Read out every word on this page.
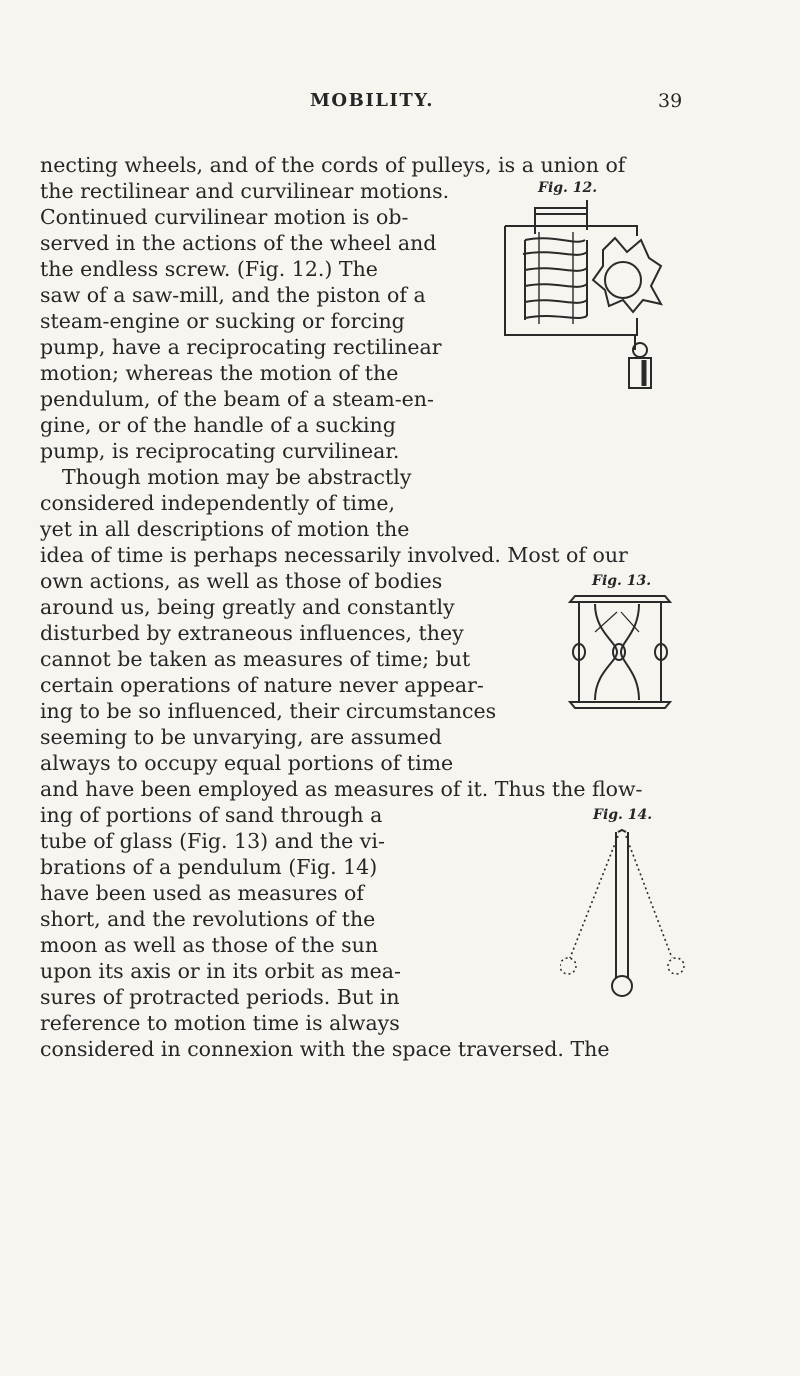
MOBILITY.	39
necting wheels, and of the cords of pulleys, is a union of
the rectilinear and curvilinear motions.
Continued curvilinear motion is ob-
served in the actions of the wheel and
the endless screw. (Fig. 12.) The
saw of a saw-mill, and the piston of a
steam-engine or sucking or forcing
pump, have a reciprocating rectilinear
motion; whereas the motion of the
pendulum, of the beam of a steam-en-
gine, or of the handle of a sucking
pump, is reciprocating curvilinear.
Though motion may be abstractly
considered independently of time,
yet in all descriptions of motion the
idea of time is perhaps necessarily involved. Most of our
own actions, as well as those of bodies
around us, being greatly and constantly
disturbed by extraneous influences, they
cannot be taken as measures of time; but
certain operations of nature never appear-
ing to be so influenced, their circumstances
seeming to be unvarying, are assumed
always to occupy equal portions of time
and have been employed as measures of it. Thus the flow-
ing of portions of sand through a
tube of glass (Fig. 13) and the vi-
brations of a pendulum (Fig. 14)
have been used as measures of
short, and the revolutions of the
moon as well as those of the sun
upon its axis or in its orbit as mea-
sures of protracted periods. But in
reference to motion time is always
considered in connexion with the space traversed. The
Fig. 12.
Fig. 13.
Fig. 14.
